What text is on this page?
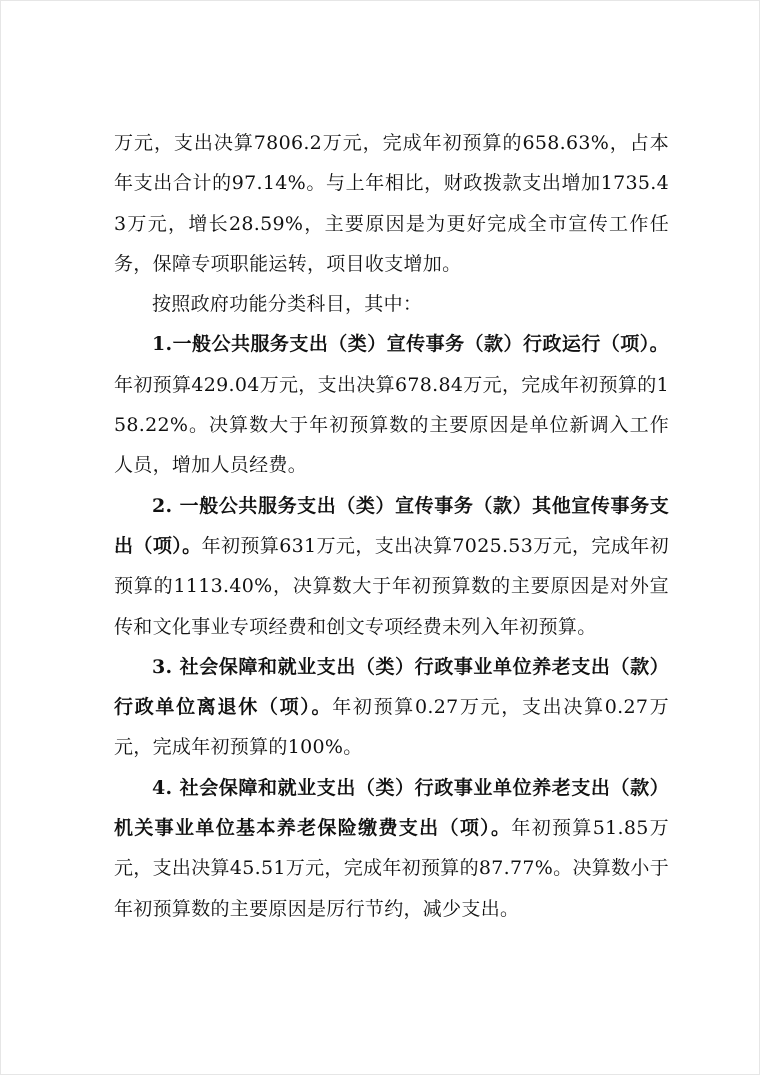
万元，支出决算7806.2万元，完成年初预算的658.63%，占本年支出合计的97.14%。与上年相比，财政拨款支出增加1735.43万元，增长28.59%，主要原因是为更好完成全市宣传工作任务，保障专项职能运转，项目收支增加。

按照政府功能分类科目，其中：

1.一般公共服务支出（类）宣传事务（款）行政运行（项）。年初预算429.04万元，支出决算678.84万元，完成年初预算的158.22%。决算数大于年初预算数的主要原因是单位新调入工作人员，增加人员经费。

2. 一般公共服务支出（类）宣传事务（款）其他宣传事务支出（项）。年初预算631万元，支出决算7025.53万元，完成年初预算的1113.40%，决算数大于年初预算数的主要原因是对外宣传和文化事业专项经费和创文专项经费未列入年初预算。

3. 社会保障和就业支出（类）行政事业单位养老支出（款）行政单位离退休（项）。年初预算0.27万元，支出决算0.27万元，完成年初预算的100%。

4. 社会保障和就业支出（类）行政事业单位养老支出（款）机关事业单位基本养老保险缴费支出（项）。年初预算51.85万元，支出决算45.51万元，完成年初预算的87.77%。决算数小于年初预算数的主要原因是厉行节约，减少支出。
